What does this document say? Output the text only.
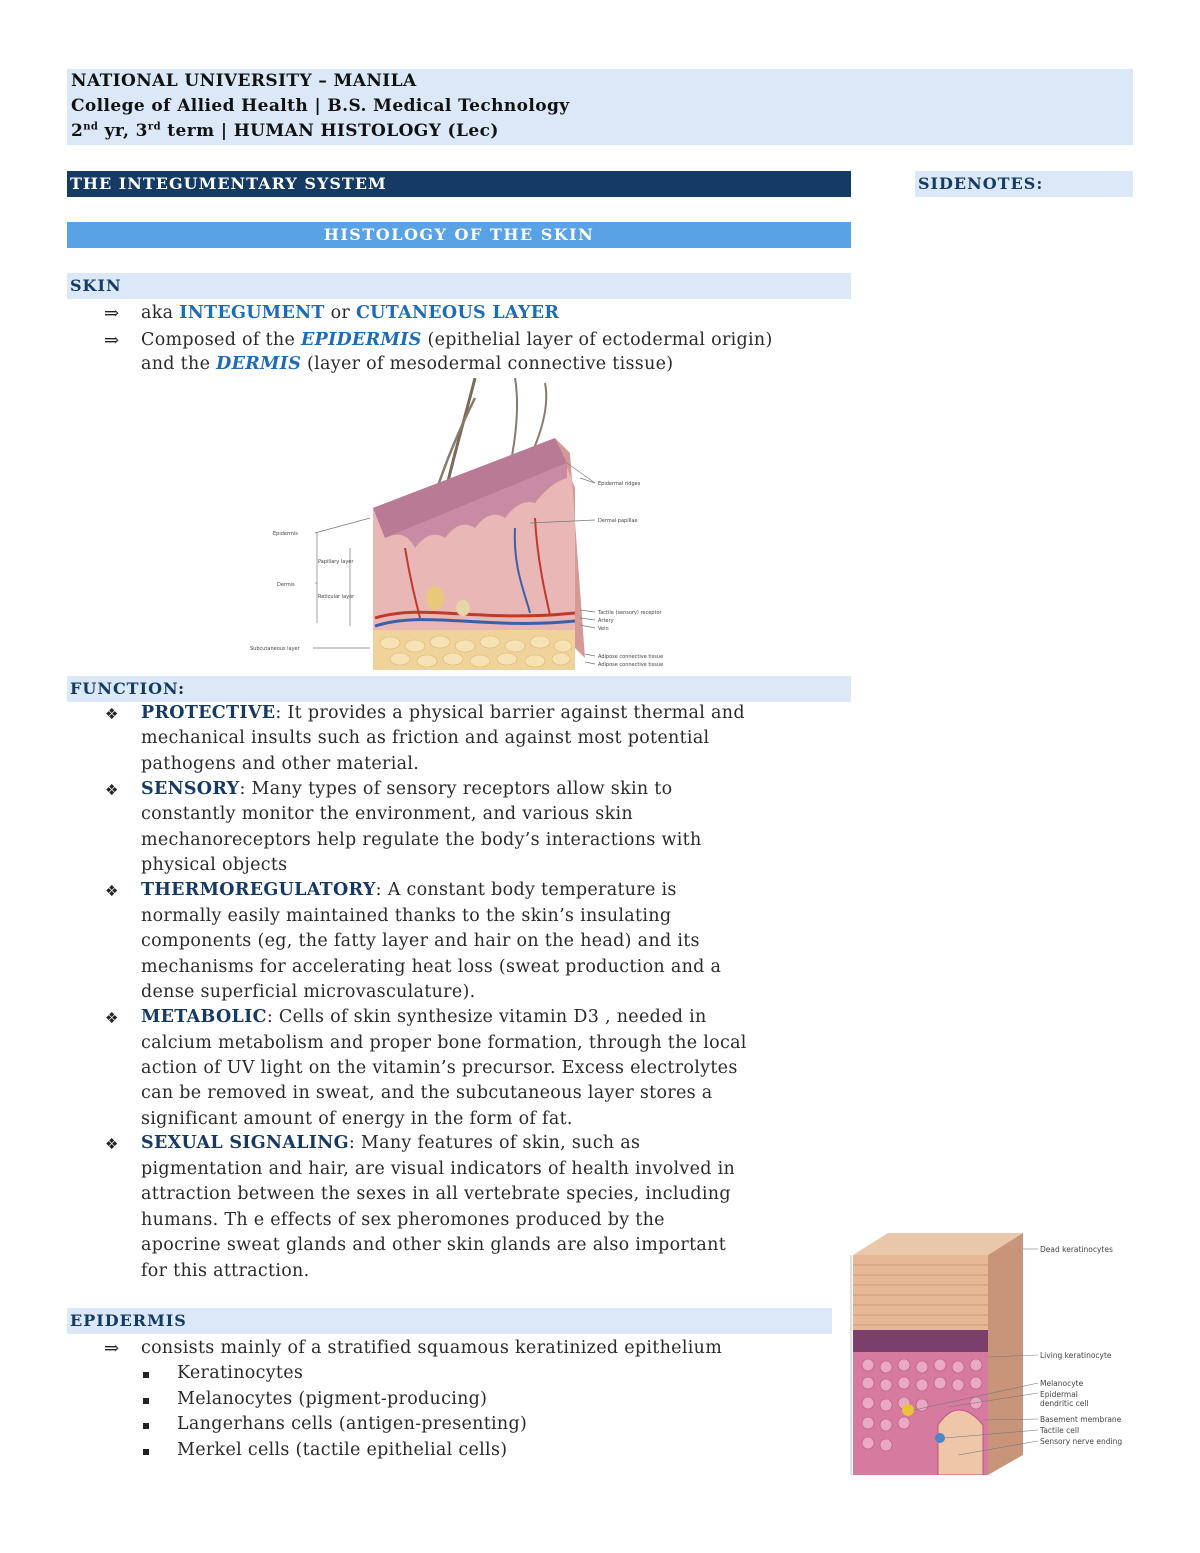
NATIONAL UNIVERSITY – MANILA
College of Allied Health | B.S. Medical Technology
2nd yr, 3rd term | HUMAN HISTOLOGY (Lec)
THE INTEGUMENTARY SYSTEM	SIDENOTES:
HISTOLOGY OF THE SKIN
SKIN
⇒ aka INTEGUMENT or CUTANEOUS LAYER
⇒ Composed of the EPIDERMIS (epithelial layer of ectodermal origin)
and the DERMIS (layer of mesodermal connective tissue)
Epidermis
Papillary layer
Dermis
Reticular layer
Subcutaneous layer
Epidermal ridges
Dermal papillae
Tactile (sensory) receptor
Artery
Vein
Adipose connective tissue
Adipose connective tissue
FUNCTION:
❖ PROTECTIVE: It provides a physical barrier against thermal and
mechanical insults such as friction and against most potential
pathogens and other material.
❖ SENSORY: Many types of sensory receptors allow skin to
constantly monitor the environment, and various skin
mechanoreceptors help regulate the body’s interactions with
physical objects
❖ THERMOREGULATORY: A constant body temperature is
normally easily maintained thanks to the skin’s insulating
components (eg, the fatty layer and hair on the head) and its
mechanisms for accelerating heat loss (sweat production and a
dense superficial microvasculature).
❖ METABOLIC: Cells of skin synthesize vitamin D3 , needed in
calcium metabolism and proper bone formation, through the local
action of UV light on the vitamin’s precursor. Excess electrolytes
can be removed in sweat, and the subcutaneous layer stores a
significant amount of energy in the form of fat.
❖ SEXUAL SIGNALING: Many features of skin, such as
pigmentation and hair, are visual indicators of health involved in
attraction between the sexes in all vertebrate species, including
humans. Th e effects of sex pheromones produced by the
apocrine sweat glands and other skin glands are also important
for this attraction.
EPIDERMIS
⇒ consists mainly of a stratified squamous keratinized epithelium
Keratinocytes
Melanocytes (pigment-producing)
Langerhans cells (antigen-presenting)
Merkel cells (tactile epithelial cells)
Dead keratinocytes
Living keratinocyte
Melanocyte
Epidermal
dendritic cell
Basement membrane
Tactile cell
Sensory nerve ending
